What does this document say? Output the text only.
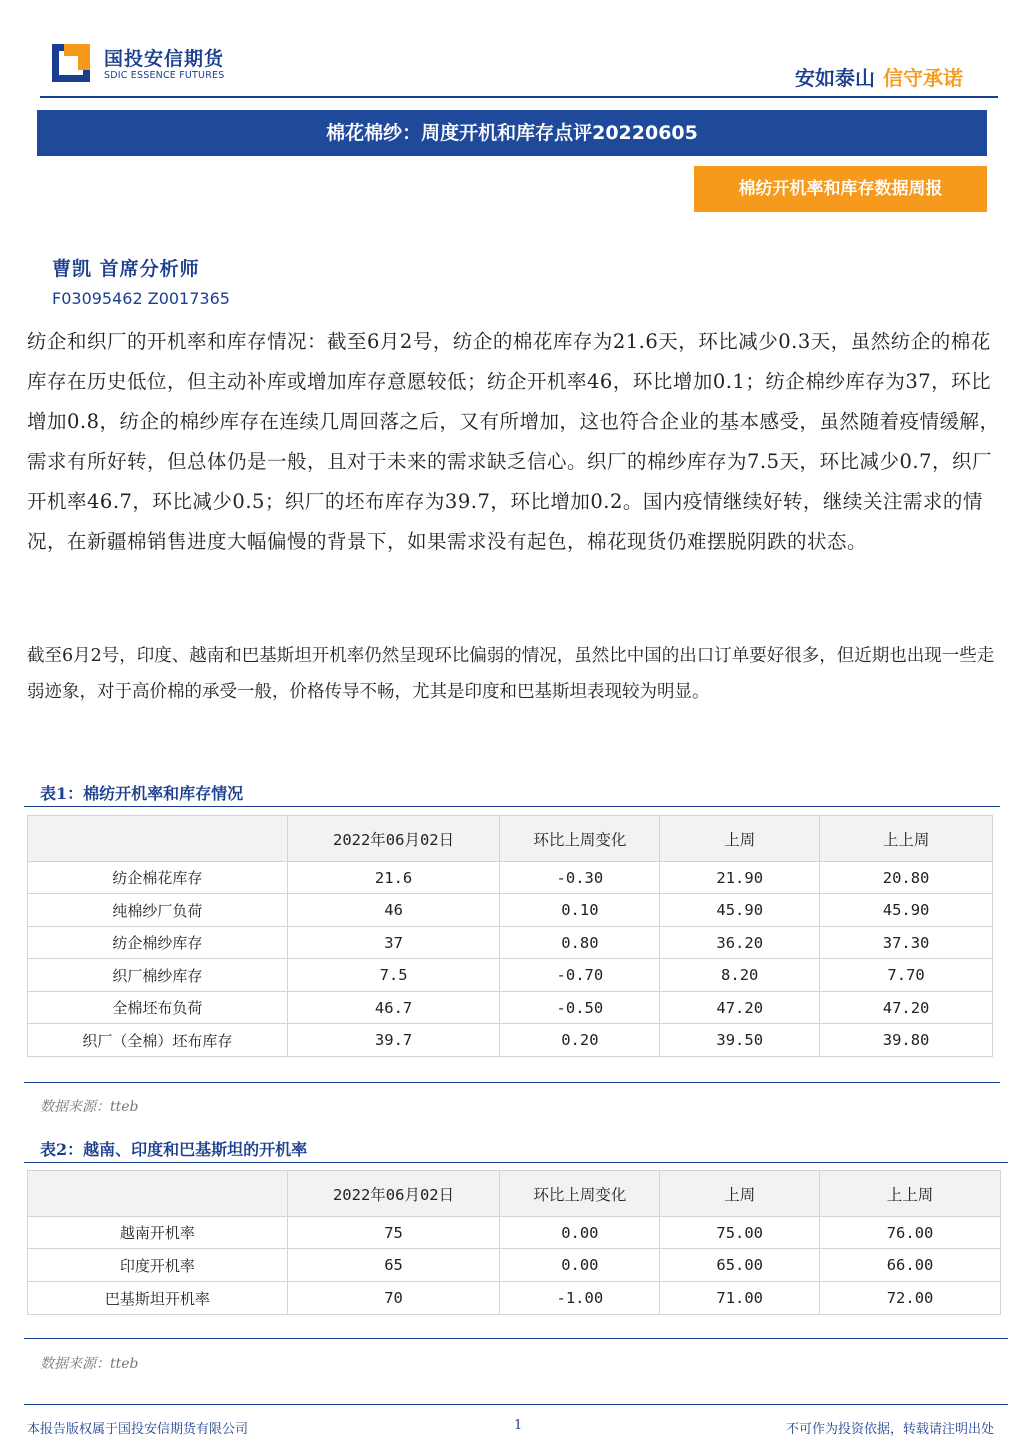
国投安信期货
SDIC ESSENCE FUTURES	安如泰山 信守承诺
棉花棉纱：周度开机和库存点评20220605
棉纺开机率和库存数据周报
曹凯 首席分析师
F03095462 Z0017365
纺企和织厂的开机率和库存情况：截至6月2号，纺企的棉花库存为21.6天，环比减少0.3天，虽然纺企的棉花库存在历史低位，但主动补库或增加库存意愿较低；纺企开机率46，环比增加0.1；纺企棉纱库存为37，环比增加0.8，纺企的棉纱库存在连续几周回落之后，又有所增加，这也符合企业的基本感受，虽然随着疫情缓解，需求有所好转，但总体仍是一般，且对于未来的需求缺乏信心。织厂的棉纱库存为7.5天，环比减少0.7，织厂开机率46.7，环比减少0.5；织厂的坯布库存为39.7，环比增加0.2。国内疫情继续好转，继续关注需求的情况，在新疆棉销售进度大幅偏慢的背景下，如果需求没有起色，棉花现货仍难摆脱阴跌的状态。
截至6月2号，印度、越南和巴基斯坦开机率仍然呈现环比偏弱的情况，虽然比中国的出口订单要好很多，但近期也出现一些走弱迹象，对于高价棉的承受一般，价格传导不畅，尤其是印度和巴基斯坦表现较为明显。
表1：棉纺开机率和库存情况
	2022年06月02日	环比上周变化	上周	上上周
纺企棉花库存	21.6	-0.30	21.90	20.80
纯棉纱厂负荷	46	0.10	45.90	45.90
纺企棉纱库存	37	0.80	36.20	37.30
织厂棉纱库存	7.5	-0.70	8.20	7.70
全棉坯布负荷	46.7	-0.50	47.20	47.20
织厂（全棉）坯布库存	39.7	0.20	39.50	39.80
数据来源：tteb
表2：越南、印度和巴基斯坦的开机率
	2022年06月02日	环比上周变化	上周	上上周
越南开机率	75	0.00	75.00	76.00
印度开机率	65	0.00	65.00	66.00
巴基斯坦开机率	70	-1.00	71.00	72.00
数据来源：tteb
本报告版权属于国投安信期货有限公司	1	不可作为投资依据，转载请注明出处
